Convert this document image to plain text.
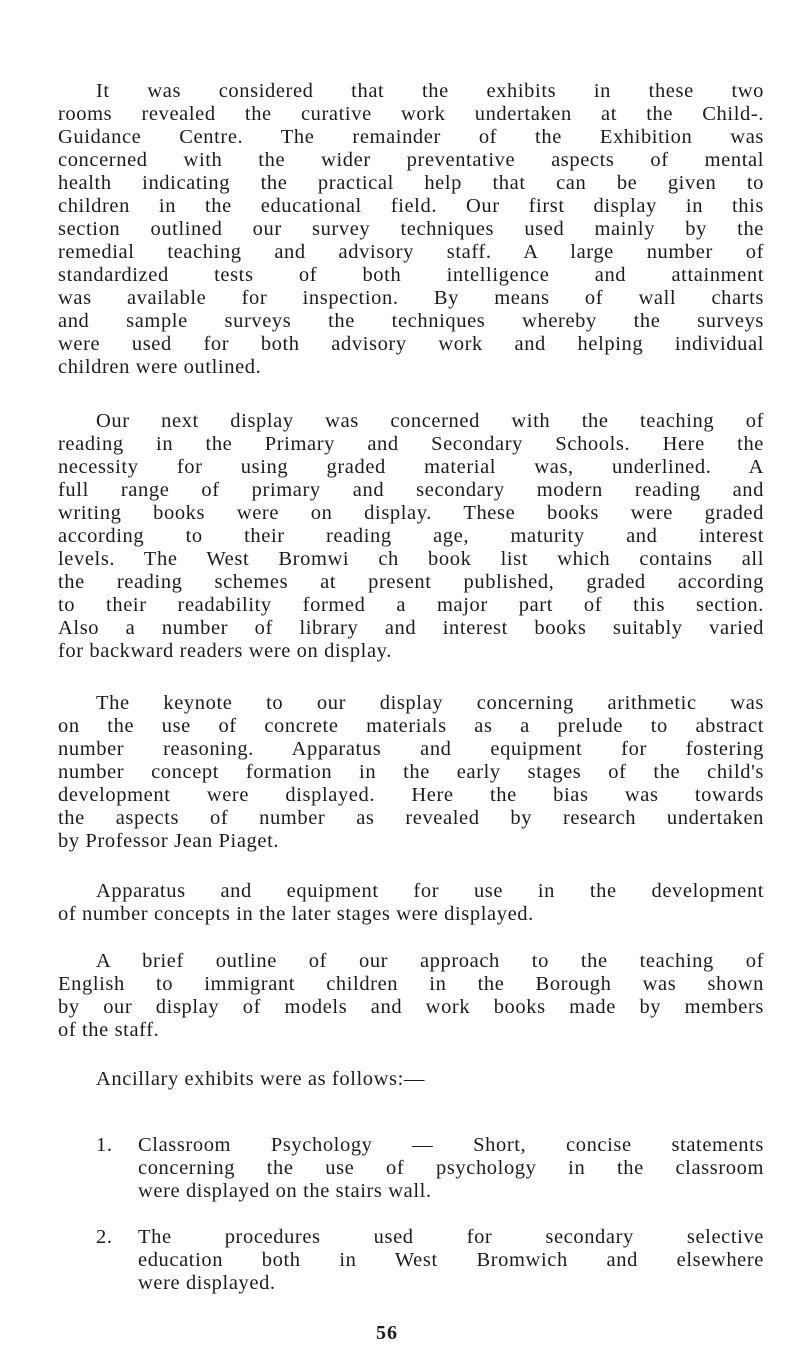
It was considered that the exhibits in these two
rooms revealed the curative work undertaken at the Child-.
Guidance Centre. The remainder of the Exhibition was
concerned with the wider preventative aspects of mental
health indicating the practical help that can be given to
children in the educational field. Our first display in this
section outlined our survey techniques used mainly by the
remedial teaching and advisory staff. A large number of
standardized tests of both intelligence and attainment
was available for inspection. By means of wall charts
and sample surveys the techniques whereby the surveys
were used for both advisory work and helping individual
children were outlined.
Our next display was concerned with the teaching of
reading in the Primary and Secondary Schools. Here the
necessity for using graded material was, underlined. A
full range of primary and secondary modern reading and
writing books were on display. These books were graded
according to their reading age, maturity and interest
levels. The West Bromwi ch book list which contains all
the reading schemes at present published, graded according
to their readability formed a major part of this section.
Also a number of library and interest books suitably varied
for backward readers were on display.
The keynote to our display concerning arithmetic was
on the use of concrete materials as a prelude to abstract
number reasoning. Apparatus and equipment for fostering
number concept formation in the early stages of the child's
development were displayed. Here the bias was towards
the aspects of number as revealed by research undertaken
by Professor Jean Piaget.
Apparatus and equipment for use in the development
of number concepts in the later stages were displayed.
A brief outline of our approach to the teaching of
English to immigrant children in the Borough was shown
by our display of models and work books made by members
of the staff.
Ancillary exhibits were as follows:—
1. Classroom Psychology — Short, concise statements
concerning the use of psychology in the classroom
were displayed on the stairs wall.
2. The procedures used for secondary selective
education both in West Bromwich and elsewhere
were displayed.
56
